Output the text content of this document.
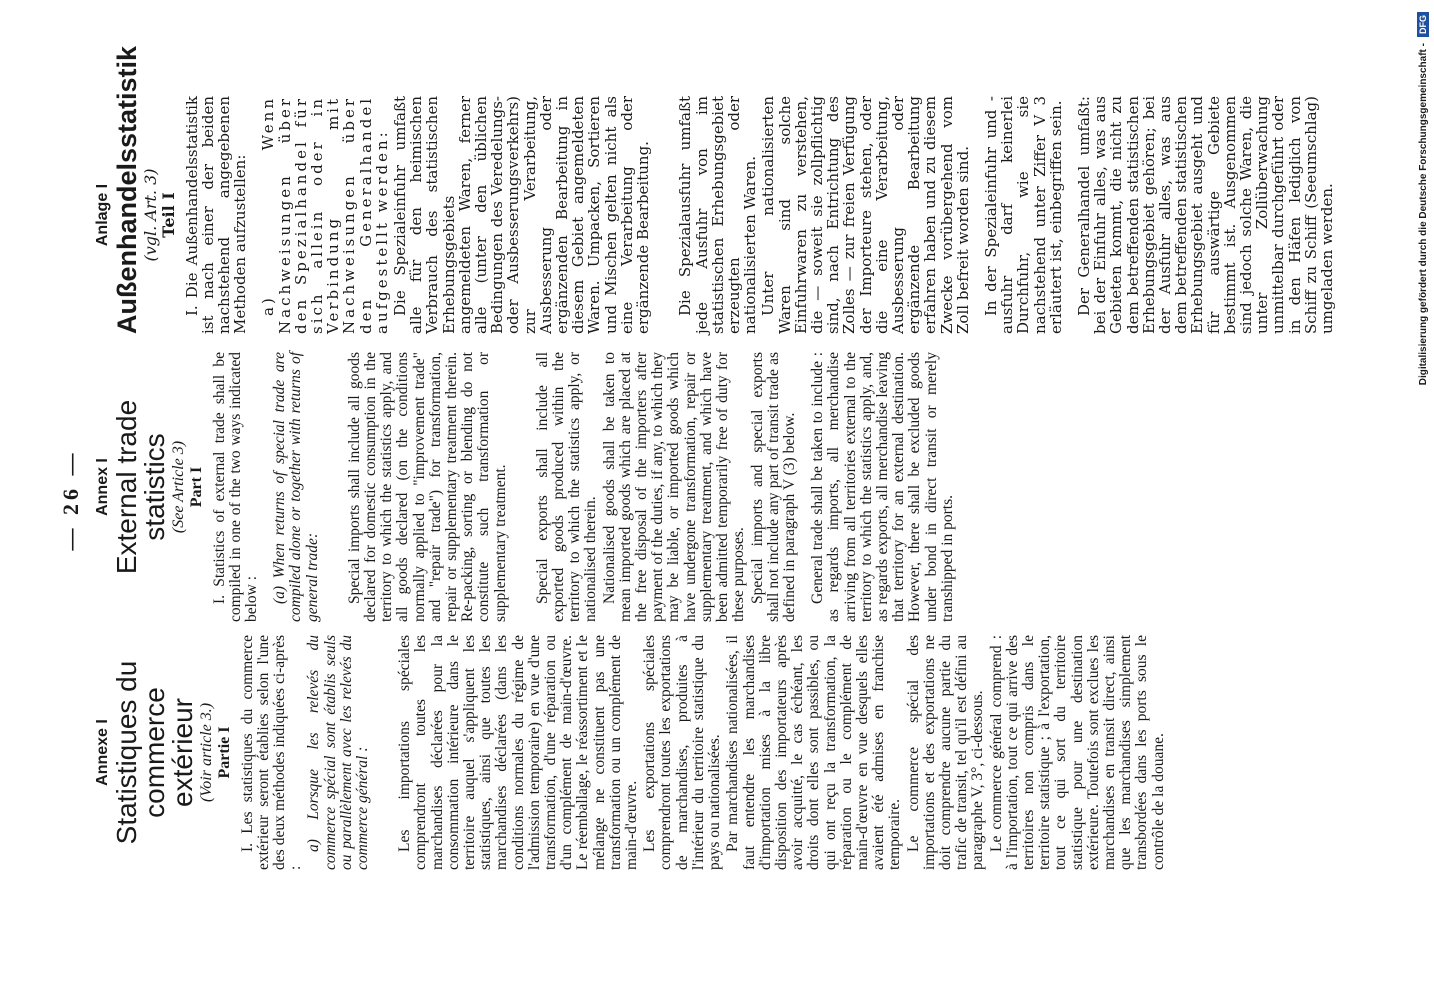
— 26 —
Annexe I Statistiques du commerce extérieur (Voir article 3.) Partie I I. Les statistiques du commerce extérieur seront établies selon l'une des deux méthodes indiquées ci-après :

a) Lorsque les relevés du commerce spécial sont établis seuls ou parallèlement avec les relevés du commerce général : Les importations spéciales comprendront toutes les marchandises déclarées pour la consommation intérieure dans le territoire auquel s'appliquent les statistiques, ainsi que toutes les marchandises déclarées (dans les conditions normales du régime de l'admission temporaire) en vue d'une transformation, d'une réparation ou d'un complément de main-d'œuvre. Le réemballage, le réassortiment et le mélange ne constituent pas une transformation ou un complément de main-d'œuvre. Les exportations spéciales comprendront toutes les exportations de marchandises, produites à l'intérieur du territoire statistique du pays ou nationalisées. Par marchandises nationalisées, il faut entendre les marchandises d'importation mises à la libre disposition des importateurs après avoir acquitté, le cas échéant, les droits dont elles sont passibles, ou qui ont reçu la transformation, la réparation ou le complément de main-d'œuvre en vue desquels elles avaient été admises en franchise temporaire. Le commerce spécial des importations et des exportations ne doit comprendre aucune partie du trafic de transit, tel qu'il est défini au paragraphe V, 3°, ci-dessous. Le commerce général comprend : à l'importation, tout ce qui arrive des territoires non compris dans le territoire statistique ; à l'exportation, tout ce qui sort du territoire statistique pour une destination extérieure. Toutefois sont exclues les marchandises en transit direct, ainsi que les marchandises simplement transbordées dans les ports sous le contrôle de la douane.

Annex I External trade statistics (See Article 3) Part I I. Statistics of external trade shall be compiled in one of the two ways indicated below : (a) When returns of special trade are compiled alone or together with returns of general trade: Special imports shall include all goods declared for domestic consumption in the territory to which the statistics apply, and all goods declared (on the conditions normally applied to "improvement trade" and "repair trade") for transformation, repair or supplementary treatment therein. Re-packing, sorting or blending do not constitute such transformation or supplementary treatment. Special exports shall include all exported goods produced within the territory to which the statistics apply, or nationalised therein. Nationalised goods shall be taken to mean imported goods which are placed at the free disposal of the importers after payment of the duties, if any, to which they may be liable, or imported goods which have undergone transformation, repair or supplementary treatment, and which have been admitted temporarily free of duty for these purposes. Special imports and special exports shall not include any part of transit trade as defined in paragraph V (3) below. General trade shall be taken to include : as regards imports, all merchandise arriving from all territories external to the territory to which the statistics apply, and, as regards exports, all merchandise leaving that territory for an external destination. However, there shall be excluded goods under bond in direct transit or merely transhipped in ports.

Anlage I Außenhandelsstatistik (vgl. Art. 3) Teil I I. Die Außenhandelsstatistik ist nach einer der beiden nachstehend angegebenen Methoden aufzustellen: a) Wenn Nachweisungen über den Spezialhandel für sich allein oder in Verbindung mit Nachweisungen über den Generalhandel aufgestellt werden: Die Spezialeinfuhr umfaßt alle für den heimischen Verbrauch des statistischen Erhebungsgebiets angemeldeten Waren, ferner alle (unter den üblichen Bedingungen des Veredelungs- oder Ausbesserungsverkehrs) zur Verarbeitung, Ausbesserung oder ergänzenden Bearbeitung in diesem Gebiet angemeldeten Waren. Umpacken, Sortieren und Mischen gelten nicht als eine Verarbeitung oder ergänzende Bearbeitung. Die Spezialausfuhr umfaßt jede Ausfuhr von im statistischen Erhebungsgebiet erzeugten oder nationalisierten Waren. Unter nationalisierten Waren sind solche Einfuhrwaren zu verstehen, die — soweit sie zollpflichtig sind, nach Entrichtung des Zolles — zur freien Verfügung der Importeure stehen, oder die eine Verarbeitung, Ausbesserung oder ergänzende Bearbeitung erfahren haben und zu diesem Zwecke vorübergehend vom Zoll befreit worden sind. In der Spezialeinfuhr und -ausfuhr darf keinerlei Durchfuhr, wie sie nachstehend unter Ziffer V 3 erläutert ist, einbegriffen sein. Der Generalhandel umfaßt: bei der Einfuhr alles, was aus Gebieten kommt, die nicht zu dem betreffenden statistischen Erhebungsgebiet gehören; bei der Ausfuhr alles, was aus dem betreffenden statistischen Erhebungsgebiet ausgeht und für auswärtige Gebiete bestimmt ist. Ausgenommen sind jedoch solche Waren, die unter Zollüberwachung unmittelbar durchgeführt oder in den Häfen lediglich von Schiff zu Schiff (Seeumschlag) umgeladen werden.	Digitalisierung gefördert durch die Deutsche Forschungsgemeinschaft -DFG
